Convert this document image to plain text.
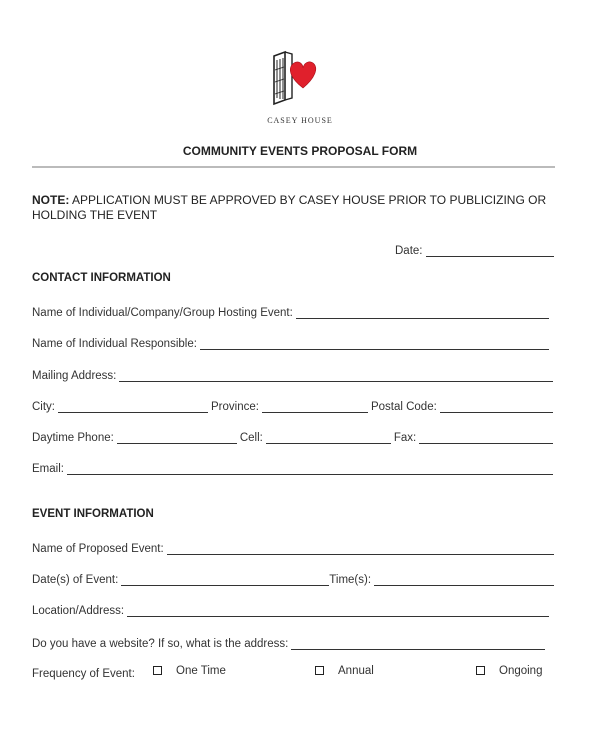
CASEY HOUSE
COMMUNITY EVENTS PROPOSAL FORM
NOTE: APPLICATION MUST BE APPROVED BY CASEY HOUSE PRIOR TO PUBLICIZING OR HOLDING THE EVENT
Date:
CONTACT INFORMATION
Name of Individual/Company/Group Hosting Event:
Name of Individual Responsible:
Mailing Address:
City:	Province:	Postal Code:
Daytime Phone:	Cell:	Fax:
Email:
EVENT INFORMATION
Name of Proposed Event:
Date(s) of Event:	Time(s):
Location/Address:
Do you have a website? If so, what is the address:
Frequency of Event:	One Time	Annual	Ongoing
